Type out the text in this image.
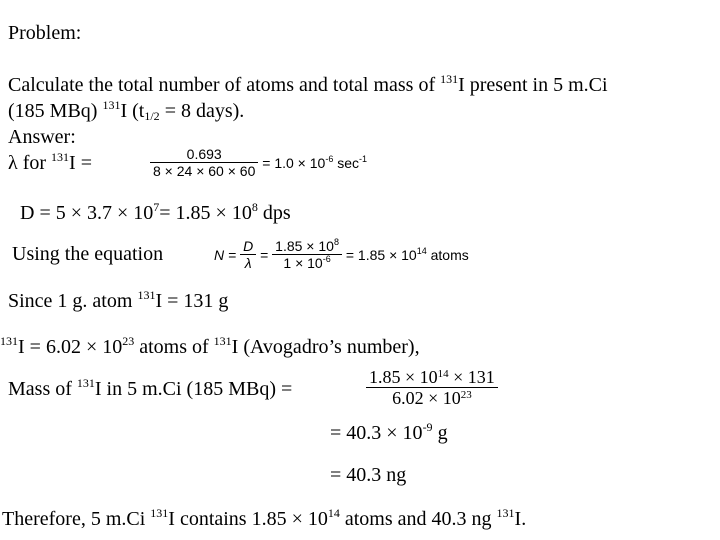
Problem:
Calculate the total number of atoms and total mass of $^{131}$I present in 5 m.Ci
(185 MBq) $^{131}$I ($t_{1/2} = 8$ days).
Answer:
λ for $^{131}$I =	$\frac{0.693}{8 \times 24 \times 60 \times 60} = 1.0 \times 10^{-6}$ $\sec^{-1}$
$D = 5 \times 3.7 \times 10^7= 1.85 \times 10^8$ dps
Using the equation	$N = \frac{D}{\lambda} = \frac{1.85 \times 10^8}{1 \times 10^{-6}} = 1.85 \times 10^{14}$ atoms
Since 1 g. atom $^{131}$I = 131 g
$^{131}I = 6.02 \times 10^{23}$ atoms of $^{131}$I (Avogadro’s number),
Mass of $^{131}$I in 5 m.Ci (185 MBq) =	$\frac{1.85 \times 10^{14} \times 131}{6.02 \times 10^{23}}$
= $40.3 \times 10^{-9}$ g
= 40.3 ng
Therefore, 5 m.Ci $^{131}$I contains $1.85 \times 10^{14}$ atoms and 40.3 ng $^{131}$I.
